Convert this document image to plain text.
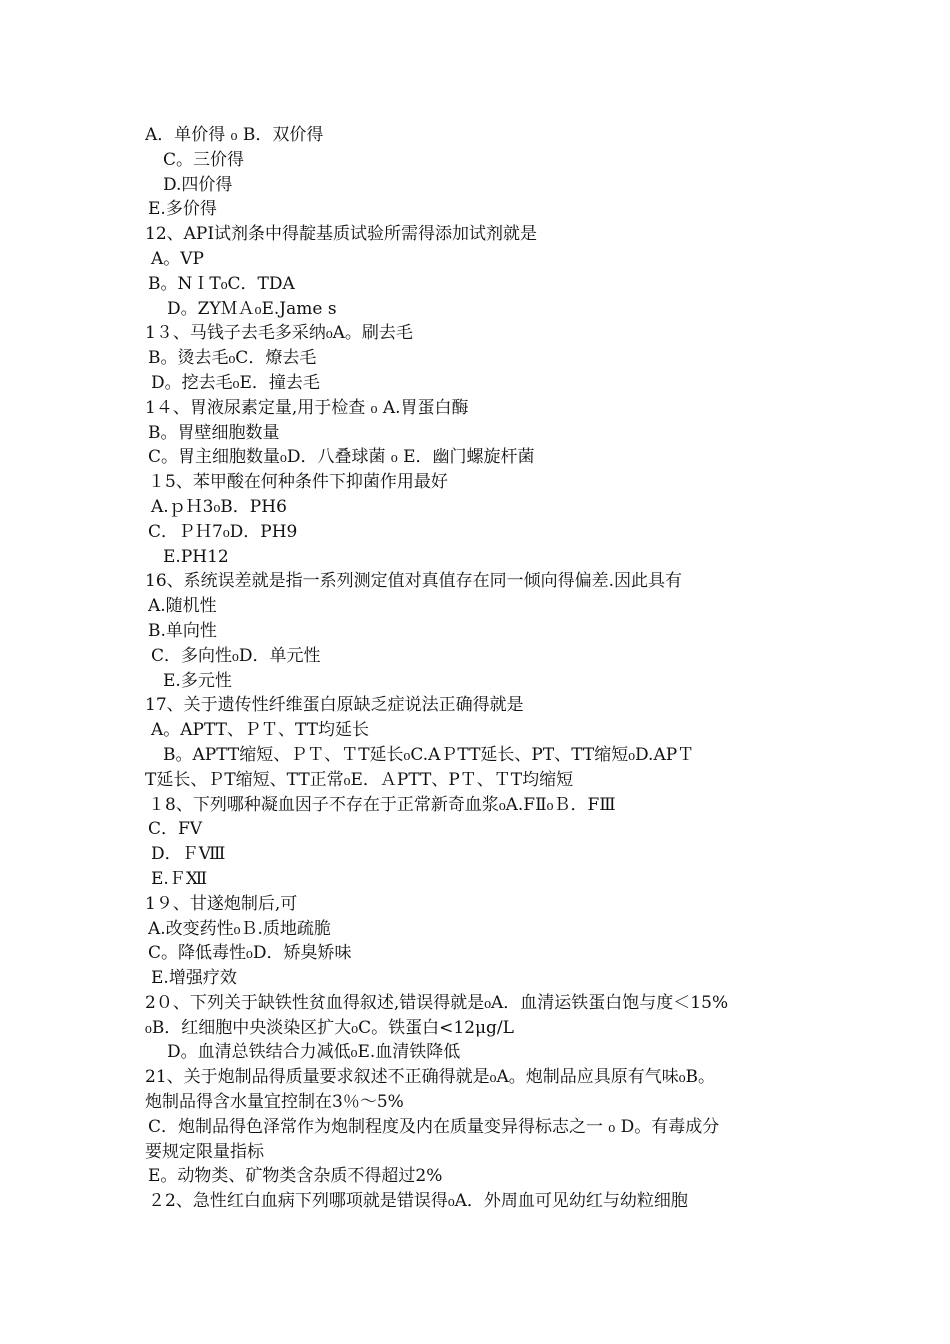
A．单价得 ₀ B．双价得
C。三价得
D.四价得
E.多价得
12、API试剂条中得靛基质试验所需得添加试剂就是
A。VP
B。NＩT₀C．TDA
D。ZYＭＡ₀E.Jame s
1３、马钱子去毛多采纳₀A。刷去毛
B。烫去毛₀C．燎去毛
D。挖去毛₀E．撞去毛
1４、胃液尿素定量,用于检查 ₀ A.胃蛋白酶
B。胃壁细胞数量
C。胃主细胞数量₀D．八叠球菌 ₀ E．幽门螺旋杆菌
１5、苯甲酸在何种条件下抑菌作用最好
A.ｐＨ3₀B．PH6
C．ＰＨ7₀D．PH9
E.PH12
16、系统误差就是指一系列测定值对真值存在同一倾向得偏差.因此具有
A.随机性
B.单向性
C．多向性₀D．单元性
E.多元性
17、关于遗传性纤维蛋白原缺乏症说法正确得就是
A。APTT、ＰＴ、TT均延长
B。APTT缩短、ＰＴ、ＴT延长₀C.AＰTT延长、PT、TT缩短₀D.APＴ
T延长、ＰT缩短、TT正常₀E．ＡPTT、PＴ、ＴT均缩短
１8、下列哪种凝血因子不存在于正常新奇血浆₀A.FⅡ₀Ｂ．FⅢ
C．FⅤ
D．ＦⅧ
E.ＦⅫ
1９、甘遂炮制后,可
A.改变药性₀Ｂ.质地疏脆
C。降低毒性₀D．矫臭矫味
E.增强疗效
2０、下列关于缺铁性贫血得叙述,错误得就是₀A．血清运铁蛋白饱与度＜15%
₀B．红细胞中央淡染区扩大₀C。铁蛋白<12μg/L
D。血清总铁结合力减低₀E.血清铁降低
21、关于炮制品得质量要求叙述不正确得就是₀A。炮制品应具原有气味₀B。
炮制品得含水量宜控制在3％～5%
C．炮制品得色泽常作为炮制程度及内在质量变异得标志之一 ₀ D。有毒成分
要规定限量指标
E。动物类、矿物类含杂质不得超过2%
２2、急性红白血病下列哪项就是错误得₀A．外周血可见幼红与幼粒细胞
